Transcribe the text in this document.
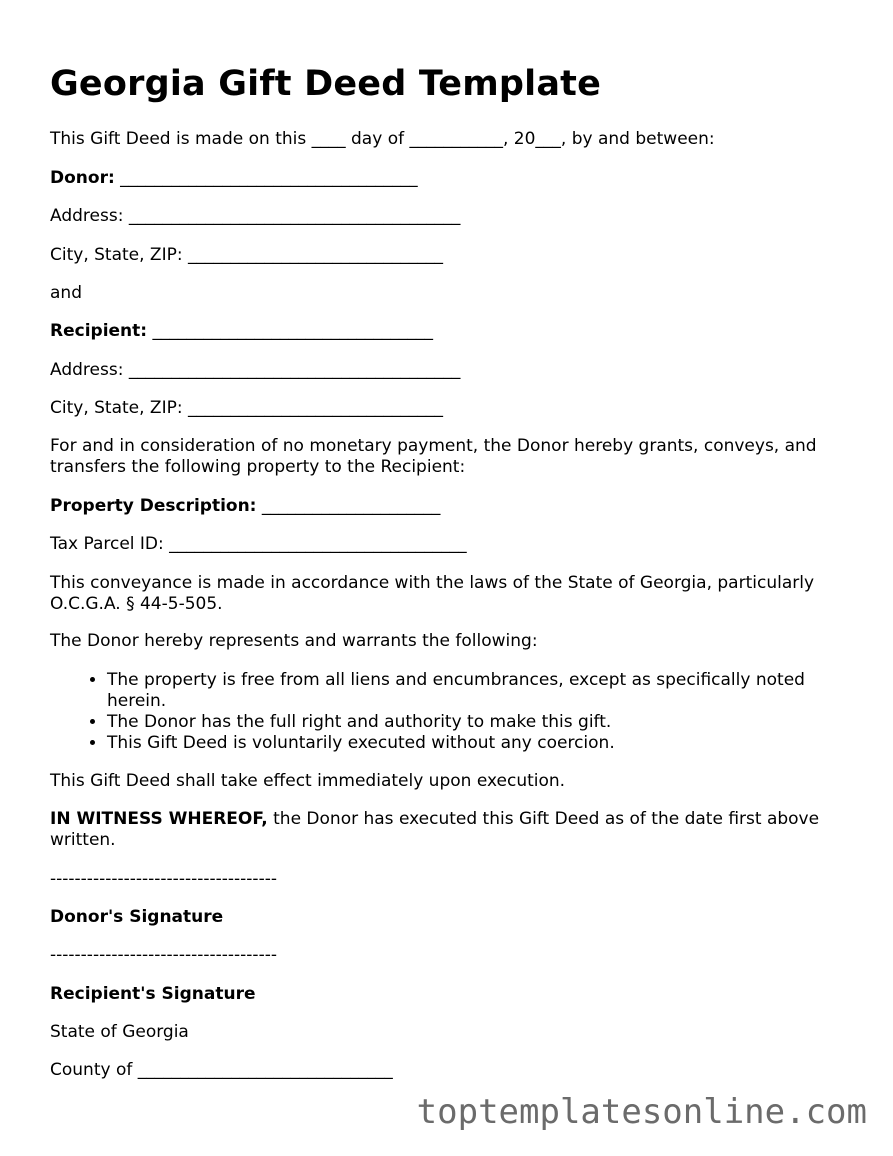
Georgia Gift Deed Template
This Gift Deed is made on this ____ day of ___________, 20___, by and between:
Donor: ___________________________________
Address: _______________________________________
City, State, ZIP: ______________________________
and
Recipient: _________________________________
Address: _______________________________________
City, State, ZIP: ______________________________
For and in consideration of no monetary payment, the Donor hereby grants, conveys, and transfers the following property to the Recipient:
Property Description: _____________________
Tax Parcel ID: ___________________________________
This conveyance is made in accordance with the laws of the State of Georgia, particularly O.C.G.A. § 44-5-505.
The Donor hereby represents and warrants the following:
• The property is free from all liens and encumbrances, except as specifically noted herein.
• The Donor has the full right and authority to make this gift.
• This Gift Deed is voluntarily executed without any coercion.
This Gift Deed shall take effect immediately upon execution.
IN WITNESS WHEREOF, the Donor has executed this Gift Deed as of the date first above written.
-------------------------------------
Donor's Signature
-------------------------------------
Recipient's Signature
State of Georgia
County of ______________________________
toptemplatesonline.com
